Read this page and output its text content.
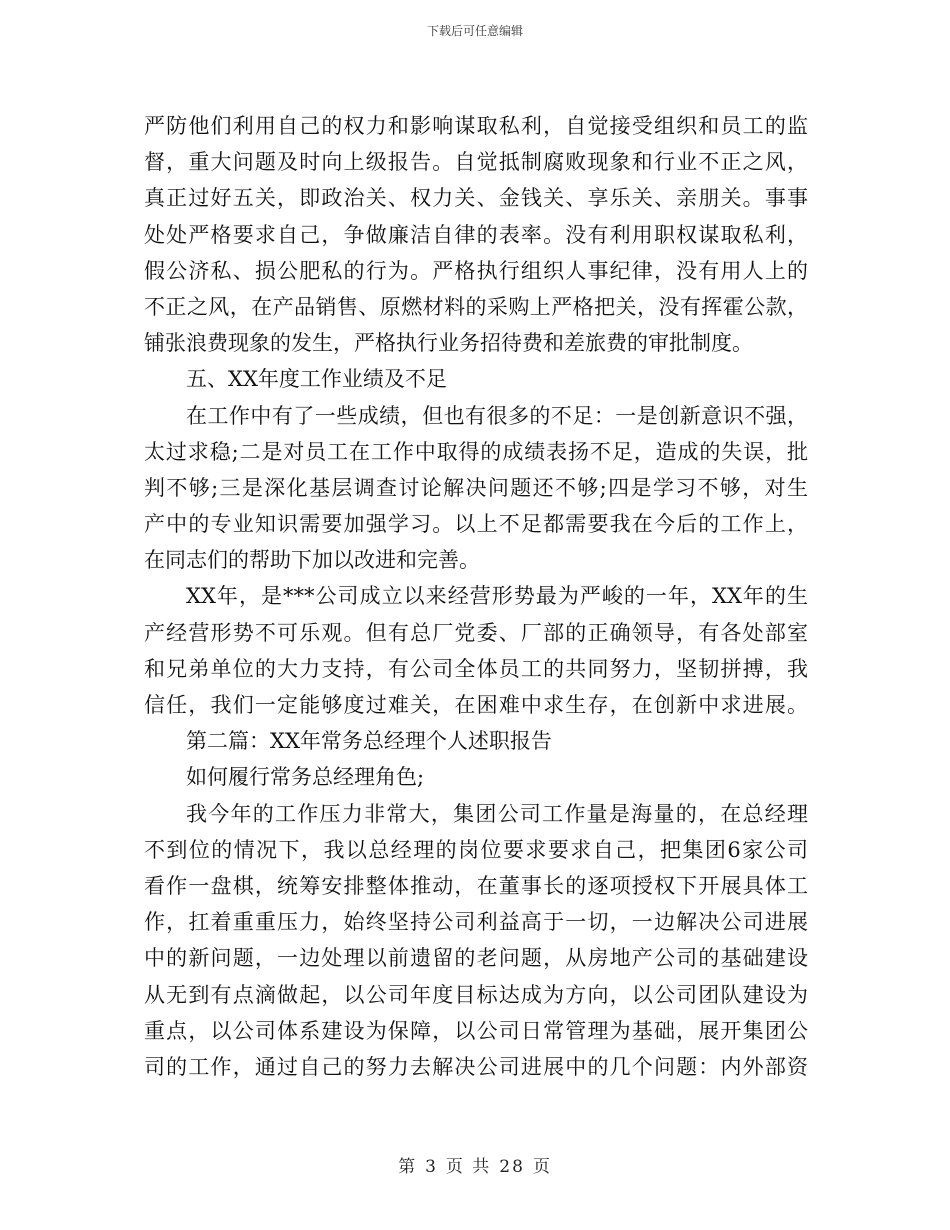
下载后可任意编辑
严防他们利用自己的权力和影响谋取私利，自觉接受组织和员工的监
督，重大问题及时向上级报告。自觉抵制腐败现象和行业不正之风，
真正过好五关，即政治关、权力关、金钱关、享乐关、亲朋关。事事
处处严格要求自己，争做廉洁自律的表率。没有利用职权谋取私利，
假公济私、损公肥私的行为。严格执行组织人事纪律，没有用人上的
不正之风，在产品销售、原燃材料的采购上严格把关，没有挥霍公款，
铺张浪费现象的发生，严格执行业务招待费和差旅费的审批制度。
五、XX年度工作业绩及不足
在工作中有了一些成绩，但也有很多的不足：一是创新意识不强，
太过求稳;二是对员工在工作中取得的成绩表扬不足，造成的失误，批
判不够;三是深化基层调查讨论解决问题还不够;四是学习不够，对生
产中的专业知识需要加强学习。以上不足都需要我在今后的工作上，
在同志们的帮助下加以改进和完善。
XX年，是***公司成立以来经营形势最为严峻的一年，XX年的生
产经营形势不可乐观。但有总厂党委、厂部的正确领导，有各处部室
和兄弟单位的大力支持，有公司全体员工的共同努力，坚韧拼搏，我
信任，我们一定能够度过难关，在困难中求生存，在创新中求进展。
第二篇：XX年常务总经理个人述职报告
如何履行常务总经理角色;
我今年的工作压力非常大，集团公司工作量是海量的，在总经理
不到位的情况下，我以总经理的岗位要求要求自己，把集团6家公司
看作一盘棋，统筹安排整体推动，在董事长的逐项授权下开展具体工
作，扛着重重压力，始终坚持公司利益高于一切，一边解决公司进展
中的新问题，一边处理以前遗留的老问题，从房地产公司的基础建设
从无到有点滴做起，以公司年度目标达成为方向，以公司团队建设为
重点，以公司体系建设为保障，以公司日常管理为基础，展开集团公
司的工作，通过自己的努力去解决公司进展中的几个问题：内外部资
第 3 页 共 28 页
